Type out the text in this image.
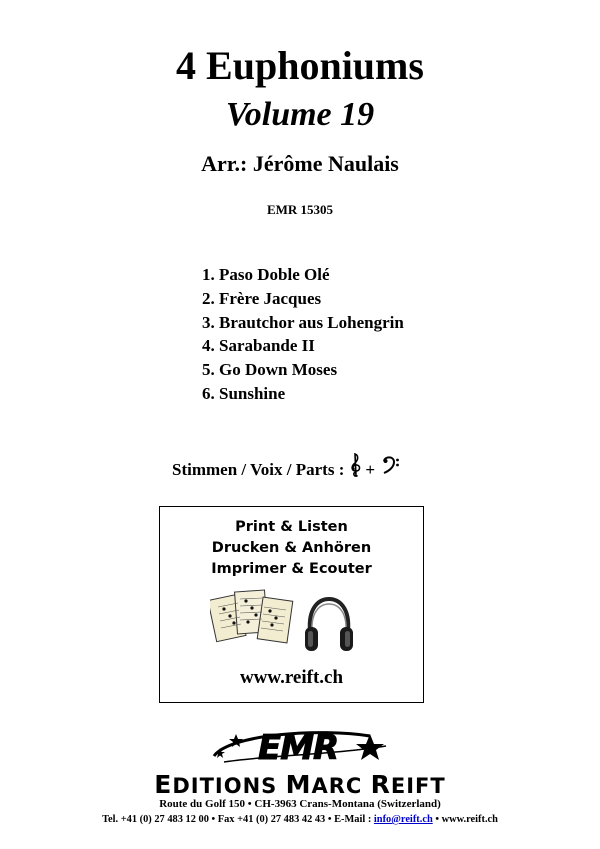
4 Euphoniums
Volume 19
Arr.: Jérôme Naulais
EMR 15305
1. Paso Doble Olé
2. Frère Jacques
3. Brautchor aus Lohengrin
4. Sarabande II
5. Go Down Moses
6. Sunshine
Stimmen / Voix / Parts : +
Print & Listen
Drucken & Anhören
Imprimer & Ecouter
www.reift.ch
EMR
EDITIONS MARC REIFT
Route du Golf 150 • CH-3963 Crans-Montana (Switzerland)
Tel. +41 (0) 27 483 12 00 • Fax +41 (0) 27 483 42 43 • E-Mail : info@reift.ch • www.reift.ch
